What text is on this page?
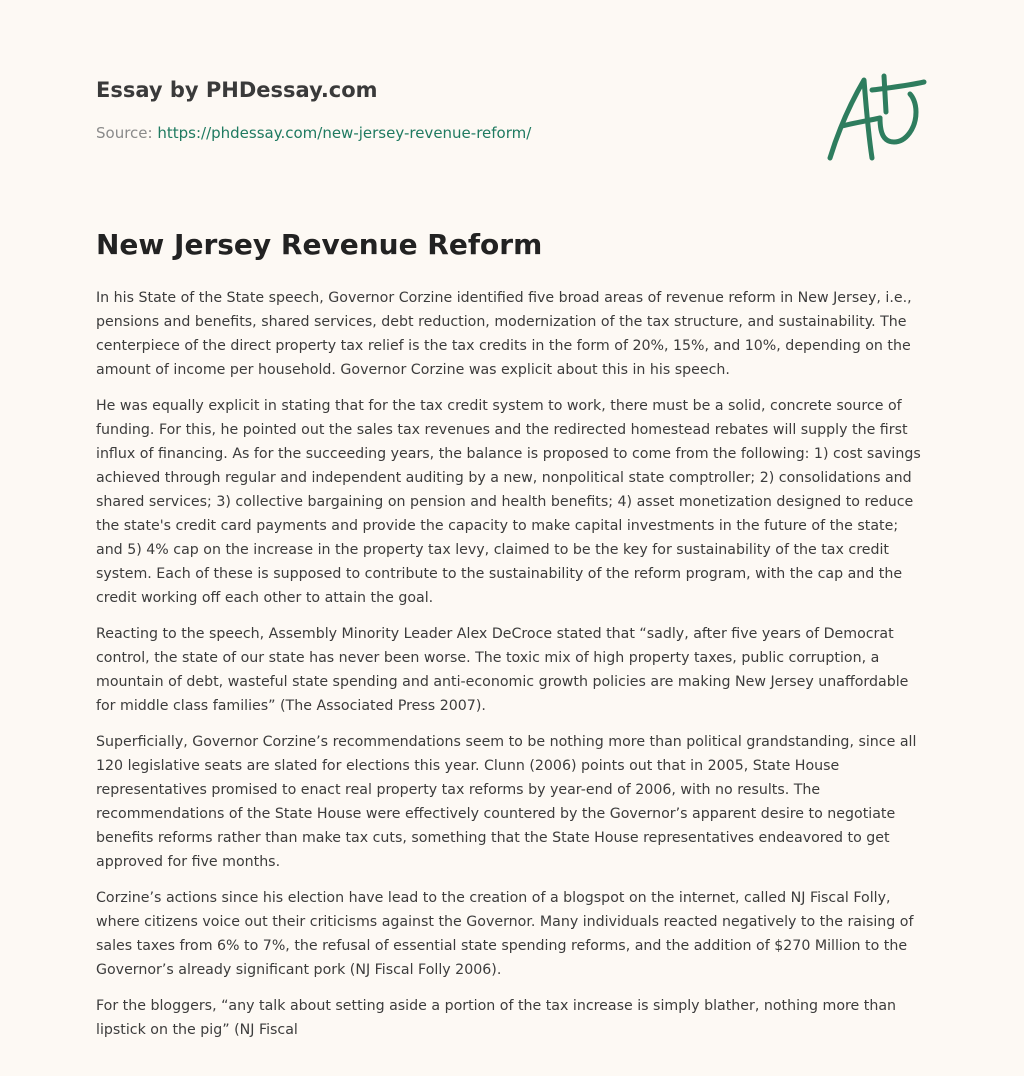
Essay by PHDessay.com
Source: https://phdessay.com/new-jersey-revenue-reform/
New Jersey Revenue Reform

In his State of the State speech, Governor Corzine identified five broad areas of revenue reform in New Jersey, i.e., pensions and benefits, shared services, debt reduction, modernization of the tax structure, and sustainability. The centerpiece of the direct property tax relief is the tax credits in the form of 20%, 15%, and 10%, depending on the amount of income per household. Governor Corzine was explicit about this in his speech.

He was equally explicit in stating that for the tax credit system to work, there must be a solid, concrete source of funding. For this, he pointed out the sales tax revenues and the redirected homestead rebates will supply the first influx of financing. As for the succeeding years, the balance is proposed to come from the following: 1) cost savings achieved through regular and independent auditing by a new, nonpolitical state comptroller; 2) consolidations and shared services; 3) collective bargaining on pension and health benefits; 4) asset monetization designed to reduce the state's credit card payments and provide the capacity to make capital investments in the future of the state; and 5) 4% cap on the increase in the property tax levy, claimed to be the key for sustainability of the tax credit system. Each of these is supposed to contribute to the sustainability of the reform program, with the cap and the credit working off each other to attain the goal.

Reacting to the speech, Assembly Minority Leader Alex DeCroce stated that “sadly, after five years of Democrat control, the state of our state has never been worse. The toxic mix of high property taxes, public corruption, a mountain of debt, wasteful state spending and anti-economic growth policies are making New Jersey unaffordable for middle class families” (The Associated Press 2007).

Superficially, Governor Corzine’s recommendations seem to be nothing more than political grandstanding, since all 120 legislative seats are slated for elections this year. Clunn (2006) points out that in 2005, State House representatives promised to enact real property tax reforms by year-end of 2006, with no results. The recommendations of the State House were effectively countered by the Governor’s apparent desire to negotiate benefits reforms rather than make tax cuts, something that the State House representatives endeavored to get approved for five months.

Corzine’s actions since his election have lead to the creation of a blogspot on the internet, called NJ Fiscal Folly, where citizens voice out their criticisms against the Governor. Many individuals reacted negatively to the raising of sales taxes from 6% to 7%, the refusal of essential state spending reforms, and the addition of $270 Million to the Governor’s already significant pork (NJ Fiscal Folly 2006).

For the bloggers, “any talk about setting aside a portion of the tax increase is simply blather, nothing more than lipstick on the pig” (NJ Fiscal
